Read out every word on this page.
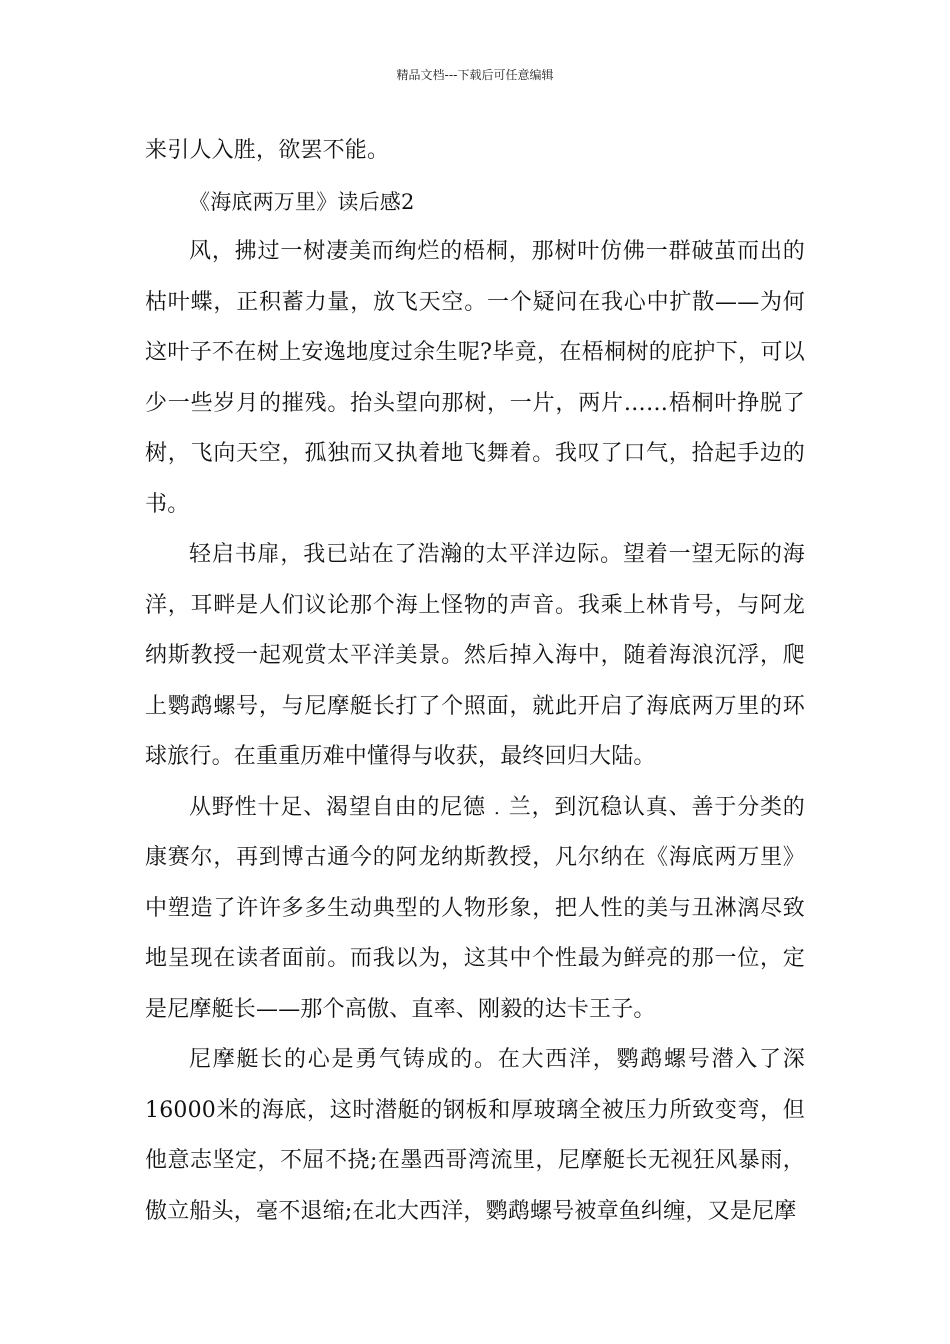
精品文档---下载后可任意编辑

来引人入胜，欲罢不能。

《海底两万里》读后感2

风，拂过一树凄美而绚烂的梧桐，那树叶仿佛一群破茧而出的枯叶蝶，正积蓄力量，放飞天空。一个疑问在我心中扩散——为何这叶子不在树上安逸地度过余生呢?毕竟，在梧桐树的庇护下，可以少一些岁月的摧残。抬头望向那树，一片，两片……梧桐叶挣脱了树，飞向天空，孤独而又执着地飞舞着。我叹了口气，拾起手边的书。

轻启书扉，我已站在了浩瀚的太平洋边际。望着一望无际的海洋，耳畔是人们议论那个海上怪物的声音。我乘上林肯号，与阿龙纳斯教授一起观赏太平洋美景。然后掉入海中，随着海浪沉浮，爬上鹦鹉螺号，与尼摩艇长打了个照面，就此开启了海底两万里的环球旅行。在重重历难中懂得与收获，最终回归大陆。

从野性十足、渴望自由的尼德﹒兰，到沉稳认真、善于分类的康赛尔，再到博古通今的阿龙纳斯教授，凡尔纳在《海底两万里》中塑造了许许多多生动典型的人物形象，把人性的美与丑淋漓尽致地呈现在读者面前。而我以为，这其中个性最为鲜亮的那一位，定是尼摩艇长——那个高傲、直率、刚毅的达卡王子。

尼摩艇长的心是勇气铸成的。在大西洋，鹦鹉螺号潜入了深16000米的海底，这时潜艇的钢板和厚玻璃全被压力所致变弯，但他意志坚定，不屈不挠;在墨西哥湾流里，尼摩艇长无视狂风暴雨，傲立船头，毫不退缩;在北大西洋，鹦鹉螺号被章鱼纠缠，又是尼摩
